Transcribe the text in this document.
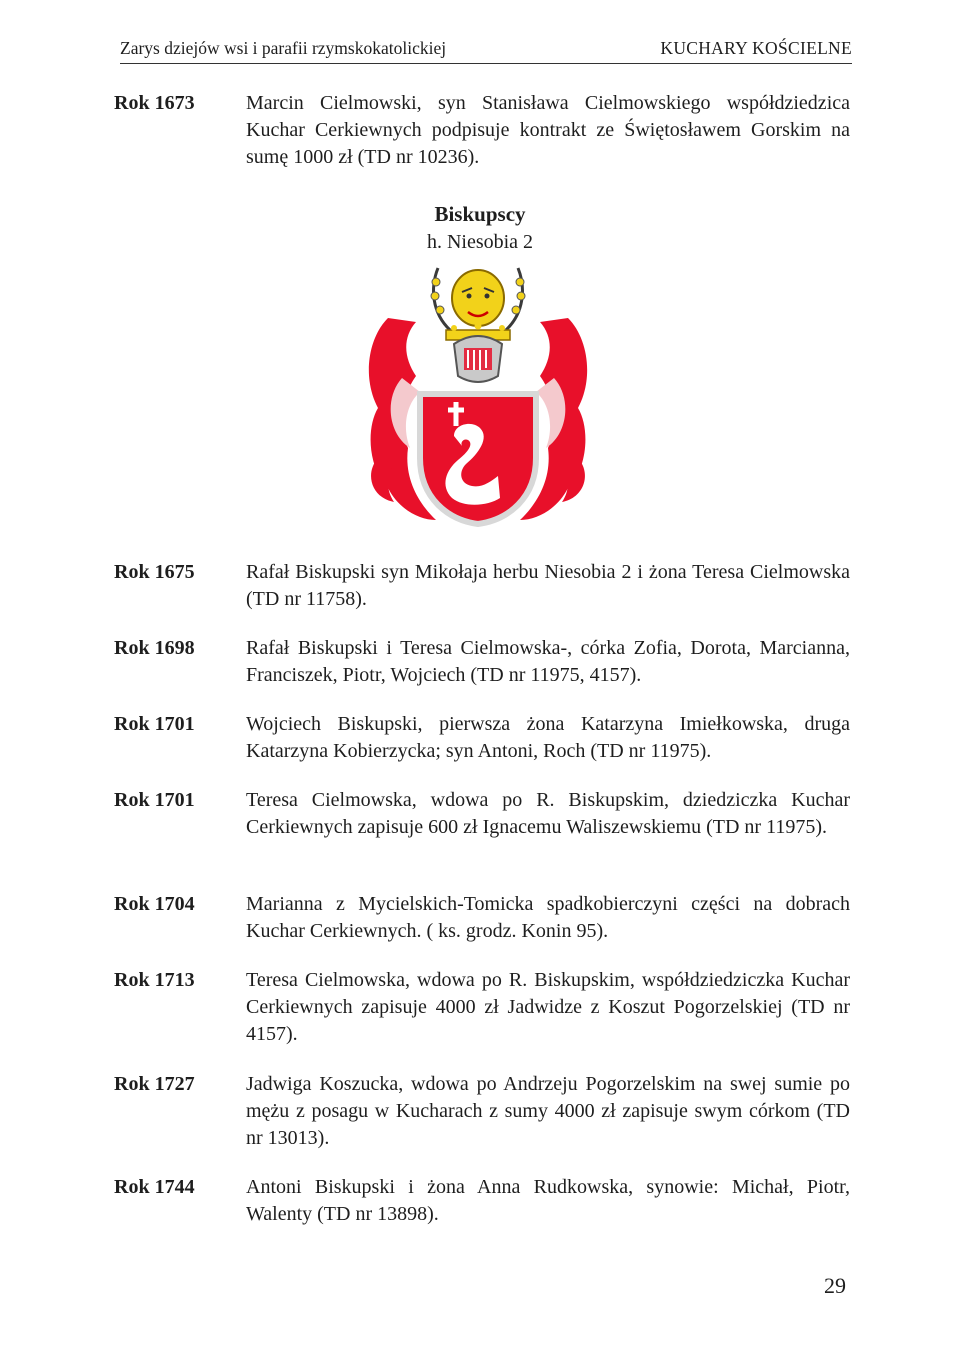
Zarys dziejów wsi i parafii rzymskokatolickiej	KUCHARY KOŚCIELNE
Rok 1673	Marcin Cielmowski, syn Stanisława Cielmowskiego współdziedzica Kuchar Cerkiewnych podpisuje kontrakt ze Świętosławem Gorskim na sumę 1000 zł (TD nr 10236).
Biskupscy
h. Niesobia 2
Rok 1675	Rafał Biskupski syn Mikołaja herbu Niesobia 2 i żona Teresa Cielmowska (TD nr 11758).
Rok 1698	Rafał Biskupski i Teresa Cielmowska-, córka Zofia, Dorota, Marcianna, Franciszek, Piotr, Wojciech (TD nr 11975, 4157).
Rok 1701	Wojciech Biskupski, pierwsza żona Katarzyna Imiełkowska, druga Katarzyna Kobierzycka; syn Antoni, Roch (TD nr 11975).
Rok 1701	Teresa Cielmowska, wdowa po R. Biskupskim, dziedziczka Kuchar Cerkiewnych zapisuje 600 zł Ignacemu Waliszewskiemu (TD nr 11975).
Rok 1704	Marianna z Mycielskich-Tomicka spadkobierczyni części na dobrach Kuchar Cerkiewnych. ( ks. grodz. Konin 95).
Rok 1713	Teresa Cielmowska, wdowa po R. Biskupskim, współdziedziczka Kuchar Cerkiewnych zapisuje 4000 zł Jadwidze z Koszut Pogorzelskiej (TD nr 4157).
Rok 1727	Jadwiga Koszucka, wdowa po Andrzeju Pogorzelskim na swej sumie po mężu z posagu w Kucharach z sumy 4000 zł zapisuje swym córkom (TD nr 13013).
Rok 1744	Antoni Biskupski i żona Anna Rudkowska, synowie: Michał, Piotr, Walenty (TD nr 13898).
29
